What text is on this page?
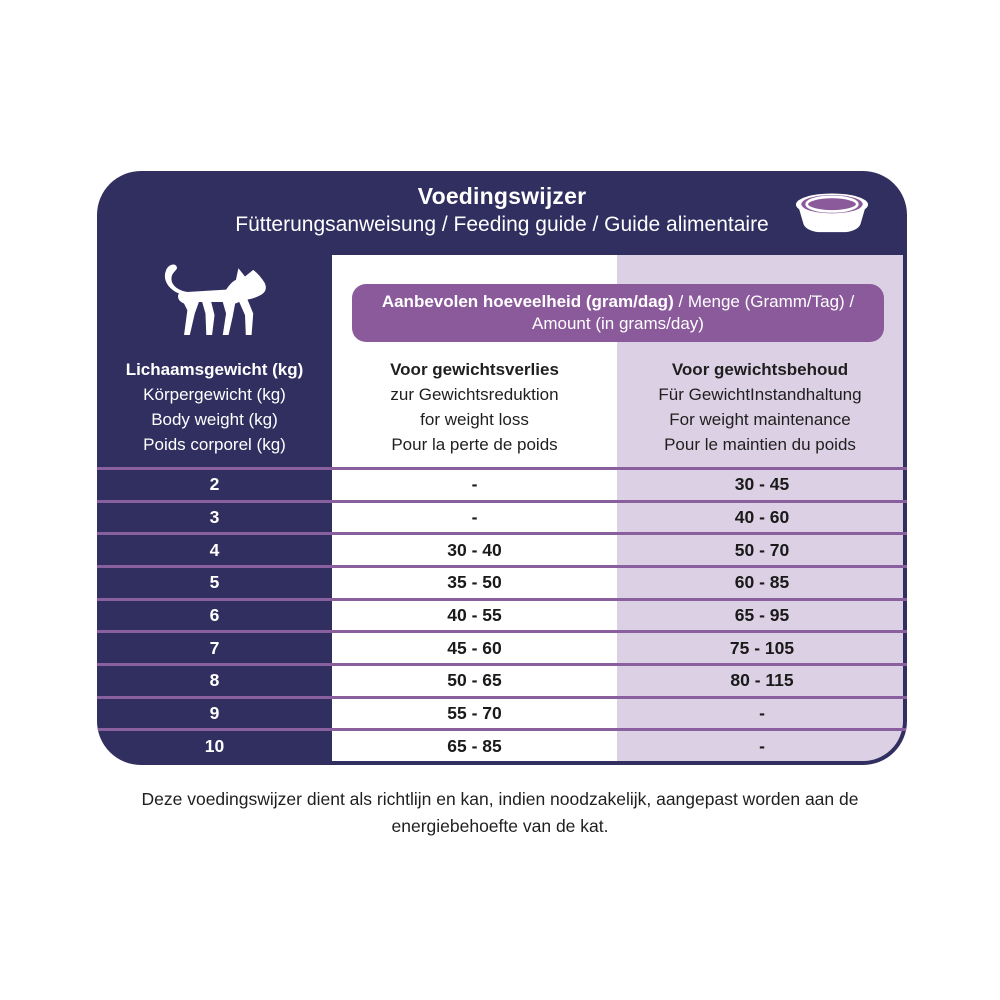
Voedingswijzer
Fütterungsanweisung / Feeding guide / Guide alimentaire
Aanbevolen hoeveelheid (gram/dag) / Menge (Gramm/Tag) /
Amount (in grams/day)
Lichaamsgewicht (kg)
Körpergewicht (kg)
Body weight (kg)
Poids corporel (kg)
Voor gewichtsverlies
zur Gewichtsreduktion
for weight loss
Pour la perte de poids
Voor gewichtsbehoud
Für GewichtInstandhaltung
For weight maintenance
Pour le maintien du poids
2	-	30 - 45
3	-	40 - 60
4	30 - 40	50 - 70
5	35 - 50	60 - 85
6	40 - 55	65 - 95
7	45 - 60	75 - 105
8	50 - 65	80 - 115
9	55 - 70	-
10	65 - 85	-
Deze voedingswijzer dient als richtlijn en kan, indien noodzakelijk, aangepast worden aan de energiebehoefte van de kat.
